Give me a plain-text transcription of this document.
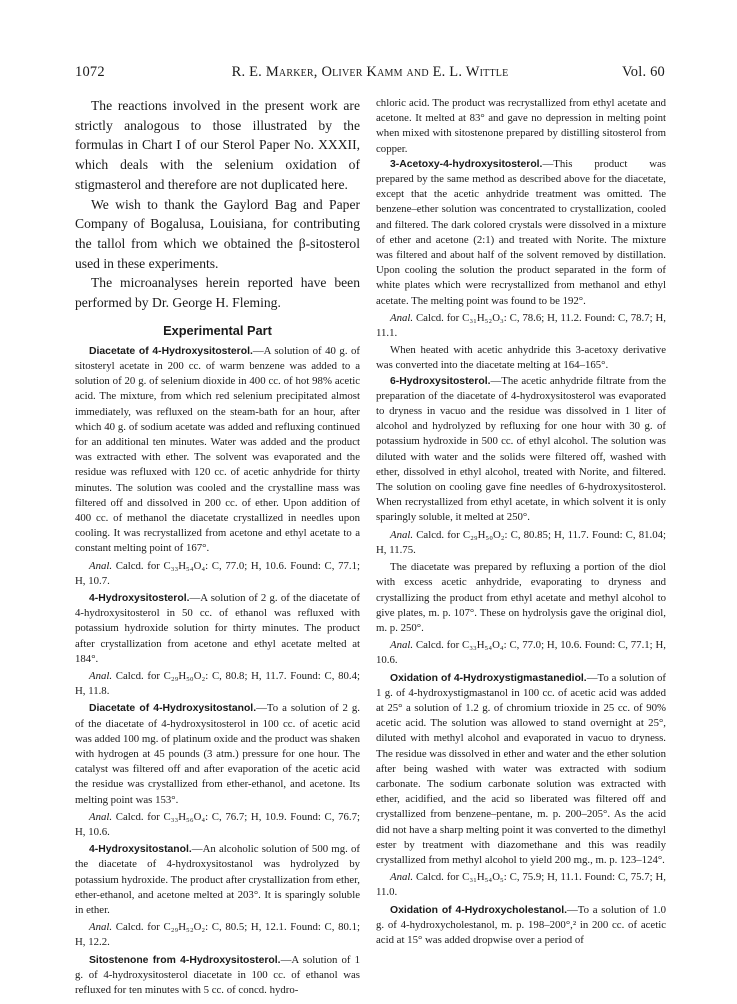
1072	R. E. Marker, Oliver Kamm and E. L. Wittle	Vol. 60

The reactions involved in the present work are strictly analogous to those illustrated by the formulas in Chart I of our Sterol Paper No. XXXII, which deals with the selenium oxidation of stigmasterol and therefore are not duplicated here.

We wish to thank the Gaylord Bag and Paper Company of Bogalusa, Louisiana, for contributing the tallol from which we obtained the β-sitosterol used in these experiments.

The microanalyses herein reported have been performed by Dr. George H. Fleming.

Experimental Part

Diacetate of 4-Hydroxysitosterol.—A solution of 40 g. of sitosteryl acetate in 200 cc. of warm benzene was added to a solution of 20 g. of selenium dioxide in 400 cc. of hot 98% acetic acid. The mixture, from which red selenium precipitated almost immediately, was refluxed on the steam-bath for an hour, after which 40 g. of sodium acetate was added and refluxing continued for an additional ten minutes. Water was added and the product was extracted with ether. The solvent was evaporated and the residue was refluxed with 120 cc. of acetic anhydride for thirty minutes. The solution was cooled and the crystalline mass was filtered off and dissolved in 200 cc. of ether. Upon addition of 400 cc. of methanol the diacetate crystallized in needles upon cooling. It was recrystallized from acetone and ethyl acetate to a constant melting point of 167°.

Anal. Calcd. for C₃₃H₅₄O₄: C, 77.0; H, 10.6. Found: C, 77.1; H, 10.7.

4-Hydroxysitosterol.—A solution of 2 g. of the diacetate of 4-hydroxysitosterol in 50 cc. of ethanol was refluxed with potassium hydroxide solution for thirty minutes. The product after crystallization from acetone and ethyl acetate melted at 184°.

Anal. Calcd. for C₂₉H₅₀O₂: C, 80.8; H, 11.7. Found: C, 80.4; H, 11.8.

Diacetate of 4-Hydroxysitostanol.—To a solution of 2 g. of the diacetate of 4-hydroxysitosterol in 100 cc. of acetic acid was added 100 mg. of platinum oxide and the product was shaken with hydrogen at 45 pounds (3 atm.) pressure for one hour. The catalyst was filtered off and after evaporation of the acetic acid the residue was crystallized from ether-ethanol, and acetone. Its melting point was 153°.

Anal. Calcd. for C₃₃H₅₆O₄: C, 76.7; H, 10.9. Found: C, 76.7; H, 10.6.

4-Hydroxysitostanol.—An alcoholic solution of 500 mg. of the diacetate of 4-hydroxysitostanol was hydrolyzed by potassium hydroxide. The product after crystallization from ether, ether-ethanol, and acetone melted at 203°. It is sparingly soluble in ether.

Anal. Calcd. for C₂₉H₅₂O₂: C, 80.5; H, 12.1. Found: C, 80.1; H, 12.2.

Sitostenone from 4-Hydroxysitosterol.—A solution of 1 g. of 4-hydroxysitosterol diacetate in 100 cc. of ethanol was refluxed for ten minutes with 5 cc. of concd. hydro-

chloric acid. The product was recrystallized from ethyl acetate and acetone. It melted at 83° and gave no depression in melting point when mixed with sitostenone prepared by distilling sitosterol from copper.

3-Acetoxy-4-hydroxysitosterol.—This product was prepared by the same method as described above for the diacetate, except that the acetic anhydride treatment was omitted. The benzene–ether solution was concentrated to crystallization, cooled and filtered. The dark colored crystals were dissolved in a mixture of ether and acetone (2:1) and treated with Norite. The mixture was filtered and about half of the solvent removed by distillation. Upon cooling the solution the product separated in the form of white plates which were recrystallized from methanol and ethyl acetate. The melting point was found to be 192°.

Anal. Calcd. for C₃₁H₅₂O₃: C, 78.6; H, 11.2. Found: C, 78.7; H, 11.1.

When heated with acetic anhydride this 3-acetoxy derivative was converted into the diacetate melting at 164–165°.

6-Hydroxysitosterol.—The acetic anhydride filtrate from the preparation of the diacetate of 4-hydroxysitosterol was evaporated to dryness in vacuo and the residue was dissolved in 1 liter of alcohol and hydrolyzed by refluxing for one hour with 30 g. of potassium hydroxide in 500 cc. of ethyl alcohol. The solution was diluted with water and the solids were filtered off, washed with ether, dissolved in ethyl alcohol, treated with Norite, and filtered. The solution on cooling gave fine needles of 6-hydroxysitosterol. When recrystallized from ethyl acetate, in which solvent it is only sparingly soluble, it melted at 250°.

Anal. Calcd. for C₂₉H₅₀O₂: C, 80.85; H, 11.7. Found: C, 81.04; H, 11.75.

The diacetate was prepared by refluxing a portion of the diol with excess acetic anhydride, evaporating to dryness and crystallizing the product from ethyl acetate and methyl alcohol to give plates, m. p. 107°. These on hydrolysis gave the original diol, m. p. 250°.

Anal. Calcd. for C₃₃H₅₄O₄: C, 77.0; H, 10.6. Found: C, 77.1; H, 10.6.

Oxidation of 4-Hydroxystigmastanediol.—To a solution of 1 g. of 4-hydroxystigmastanol in 100 cc. of acetic acid was added at 25° a solution of 1.2 g. of chromium trioxide in 25 cc. of 90% acetic acid. The solution was allowed to stand overnight at 25°, diluted with methyl alcohol and evaporated in vacuo to dryness. The residue was dissolved in ether and water and the ether solution after being washed with water was extracted with sodium carbonate. The sodium carbonate solution was extracted with ether, acidified, and the acid so liberated was filtered off and crystallized from benzene–pentane, m. p. 200–205°. As the acid did not have a sharp melting point it was converted to the dimethyl ester by treatment with diazomethane and this was readily crystallized from methyl alcohol to yield 200 mg., m. p. 123–124°.

Anal. Calcd. for C₃₁H₅₄O₅: C, 75.9; H, 11.1. Found: C, 75.7; H, 11.0.

Oxidation of 4-Hydroxycholestanol.—To a solution of 1.0 g. of 4-hydroxycholestanol, m. p. 198–200°,² in 200 cc. of acetic acid at 15° was added dropwise over a period of
